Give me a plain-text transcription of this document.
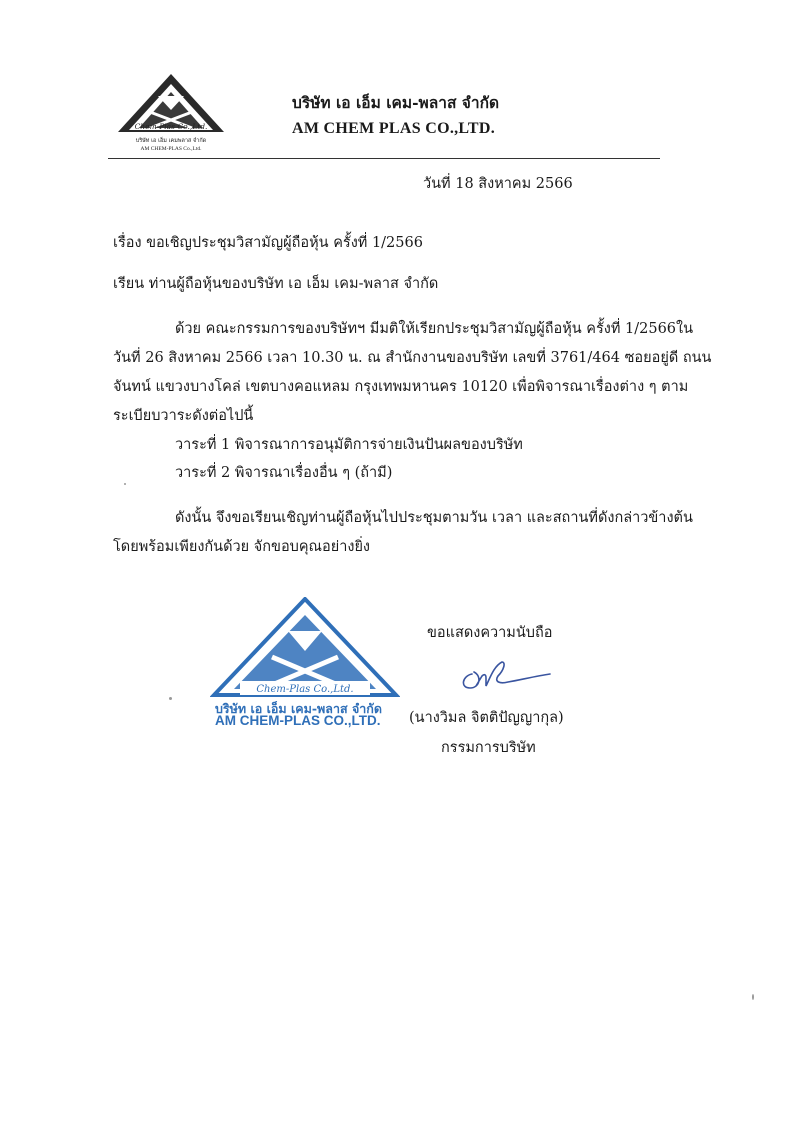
Chem-Plas Co.,Ltd.
บริษัท เอ เอ็ม เคมพลาส จำกัด
AM CHEM-PLAS Co.,Ltd.
บริษัท เอ เอ็ม เคม-พลาส จำกัด
AM CHEM PLAS CO.,LTD.
วันที่ 18 สิงหาคม 2566
เรื่อง ขอเชิญประชุมวิสามัญผู้ถือหุ้น ครั้งที่ 1/2566
เรียน ท่านผู้ถือหุ้นของบริษัท เอ เอ็ม เคม-พลาส จำกัด
ด้วย คณะกรรมการของบริษัทฯ มีมติให้เรียกประชุมวิสามัญผู้ถือหุ้น ครั้งที่ 1/2566ใน
วันที่ 26 สิงหาคม 2566 เวลา 10.30 น. ณ สำนักงานของบริษัท เลขที่ 3761/464 ซอยอยู่ดี ถนน
จันทน์ แขวงบางโคล่ เขตบางคอแหลม กรุงเทพมหานคร 10120 เพื่อพิจารณาเรื่องต่าง ๆ ตาม
ระเบียบวาระดังต่อไปนี้
วาระที่ 1 พิจารณาการอนุมัติการจ่ายเงินปันผลของบริษัท
วาระที่ 2 พิจารณาเรื่องอื่น ๆ (ถ้ามี)
ดังนั้น จึงขอเรียนเชิญท่านผู้ถือหุ้นไปประชุมตามวัน เวลา และสถานที่ดังกล่าวข้างต้น
โดยพร้อมเพียงกันด้วย จักขอบคุณอย่างยิ่ง
ขอแสดงความนับถือ
(นางวิมล จิตติปัญญากุล)
กรรมการบริษัท
Chem-Plas Co.,Ltd.
บริษัท เอ เอ็ม เคม-พลาส จำกัด
AM CHEM-PLAS CO.,LTD.
